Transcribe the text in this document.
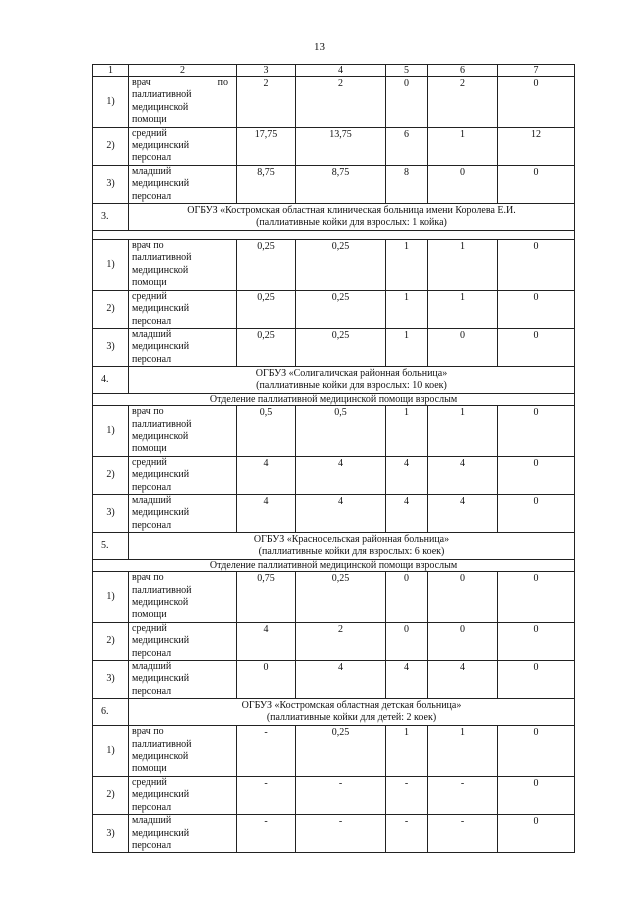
13
1	2	3	4	5	6	7
1)	врач по
паллиативной
медицинской
помощи	2	2	0	2	0
2)	средний
медицинский
персонал	17,75	13,75	6	1	12
3)	младший
медицинский
персонал	8,75	8,75	8	0	0
3.	ОГБУЗ «Костромская областная клиническая больница имени Королева Е.И.
(паллиативные койки для взрослых: 1 койка)					

1)	врач по
паллиативной
медицинской
помощи	0,25	0,25	1	1	0
2)	средний
медицинский
персонал	0,25	0,25	1	1	0
3)	младший
медицинский
персонал	0,25	0,25	1	0	0
4.	ОГБУЗ «Солигаличская районная больница»
(паллиативные койки для взрослых: 10 коек)					

Отделение паллиативной медицинской помощи взрослым						
1)	врач по
паллиативной
медицинской
помощи	0,5	0,5	1	1	0
2)	средний
медицинский
персонал	4	4	4	4	0
3)	младший
медицинский
персонал	4	4	4	4	0
5.	ОГБУЗ «Красносельская районная больница»
(паллиативные койки для взрослых: 6 коек)					

Отделение паллиативной медицинской помощи взрослым						
1)	врач по
паллиативной
медицинской
помощи	0,75	0,25	0	0	0
2)	средний
медицинский
персонал	4	2	0	0	0
3)	младший
медицинский
персонал	0	4	4	4	0
6.	ОГБУЗ «Костромская областная детская больница»
(паллиативные койки для детей: 2 коек)					

1)	врач по
паллиативной
медицинской
помощи	-	0,25	1	1	0
2)	средний
медицинский
персонал	-	-	-	-	0
3)	младший
медицинский
персонал	-	-	-	-	0
